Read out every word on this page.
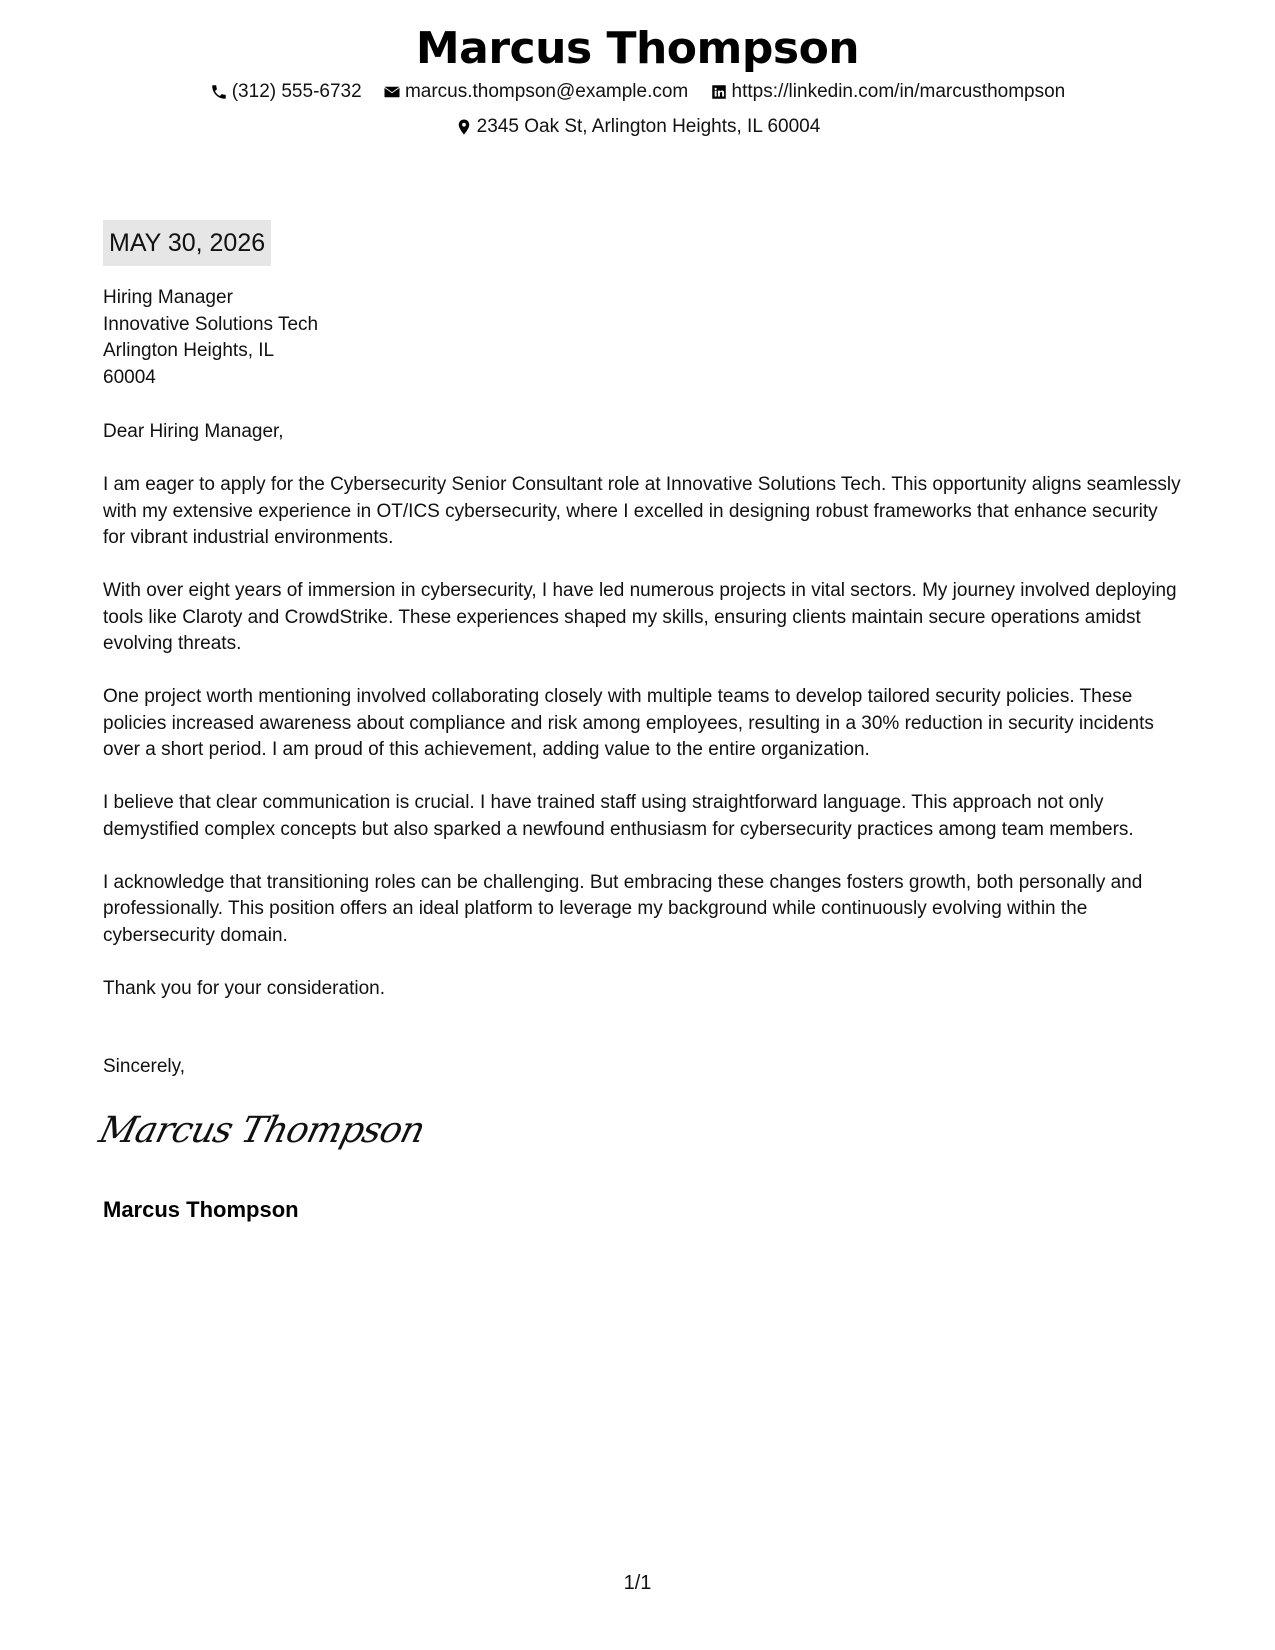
Marcus Thompson
(312) 555-6732
marcus.thompson@example.com
https://linkedin.com/in/marcusthompson
2345 Oak St, Arlington Heights, IL 60004
MAY 30, 2026
Hiring Manager
Innovative Solutions Tech
Arlington Heights, IL
60004

Dear Hiring Manager,

I am eager to apply for the Cybersecurity Senior Consultant role at Innovative Solutions Tech. This opportunity aligns seamlessly with my extensive experience in OT/ICS cybersecurity, where I excelled in designing robust frameworks that enhance security for vibrant industrial environments.

With over eight years of immersion in cybersecurity, I have led numerous projects in vital sectors. My journey involved deploying tools like Claroty and CrowdStrike. These experiences shaped my skills, ensuring clients maintain secure operations amidst evolving threats.

One project worth mentioning involved collaborating closely with multiple teams to develop tailored security policies. These policies increased awareness about compliance and risk among employees, resulting in a 30% reduction in security incidents over a short period. I am proud of this achievement, adding value to the entire organization.

I believe that clear communication is crucial. I have trained staff using straightforward language. This approach not only demystified complex concepts but also sparked a newfound enthusiasm for cybersecurity practices among team members.

I acknowledge that transitioning roles can be challenging. But embracing these changes fosters growth, both personally and professionally. This position offers an ideal platform to leverage my background while continuously evolving within the cybersecurity domain.

Thank you for your consideration.

Sincerely,
Marcus Thompson
Marcus Thompson
1/1
